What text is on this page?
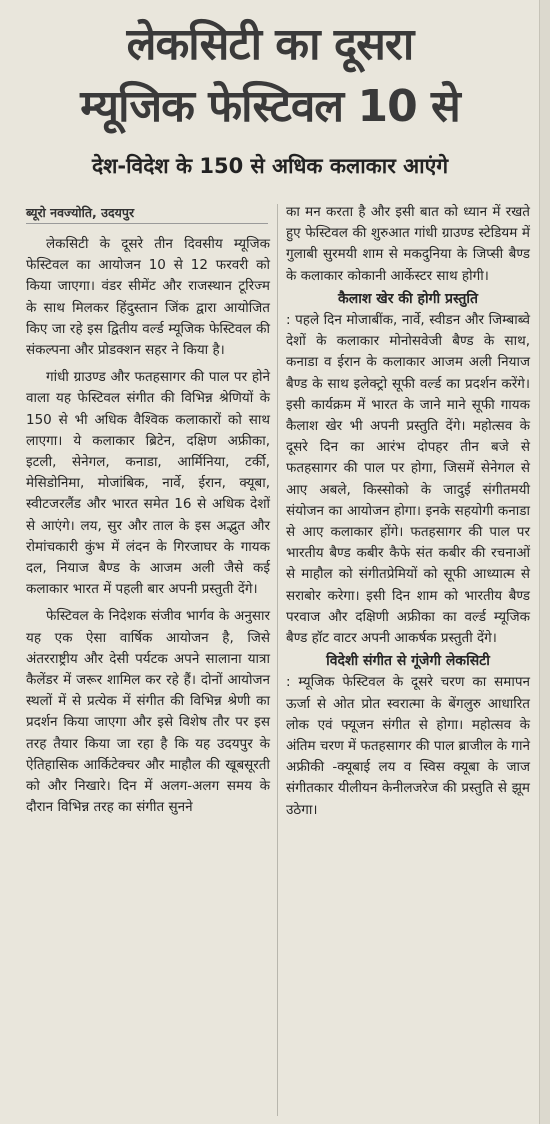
लेकसिटी का दूसरा
म्यूजिक फेस्टिवल 10 से
देश-विदेश के 150 से अधिक कलाकार आएंगे
ब्यूरो नवज्योति, उदयपुर

लेकसिटी के दूसरे तीन दिवसीय म्यूजिक फेस्टिवल का आयोजन 10 से 12 फरवरी को किया जाएगा। वंडर सीमेंट और राजस्थान टूरिज्म के साथ मिलकर हिंदुस्तान जिंक द्वारा आयोजित किए जा रहे इस द्वितीय वर्ल्ड म्यूजिक फेस्टिवल की संकल्पना और प्रोडक्शन सहर ने किया है।

गांधी ग्राउण्ड और फतहसागर की पाल पर होने वाला यह फेस्टिवल संगीत की विभिन्न श्रेणियों के 150 से भी अधिक वैश्विक कलाकारों को साथ लाएगा। ये कलाकार ब्रिटेन, दक्षिण अफ्रीका, इटली, सेनेगल, कनाडा, आर्मिनिया, टर्की, मेसिडोनिमा, मोजांबिक, नार्वे, ईरान, क्यूबा, स्वीटजरलैंड और भारत समेत 16 से अधिक देशों से आएंगे। लय, सुर और ताल के इस अद्भुत और रोमांचकारी कुंभ में लंदन के गिरजाघर के गायक दल, नियाज बैण्ड के आजम अली जैसे कई कलाकार भारत में पहली बार अपनी प्रस्तुती देंगे।

फेस्टिवल के निदेशक संजीव भार्गव के अनुसार यह एक ऐसा वार्षिक आयोजन है, जिसे अंतरराष्ट्रीय और देसी पर्यटक अपने सालाना यात्रा कैलेंडर में जरूर शामिल कर रहे हैं। दोनों आयोजन स्थलों में से प्रत्येक में संगीत की विभिन्न श्रेणी का प्रदर्शन किया जाएगा और इसे विशेष तौर पर इस तरह तैयार किया जा रहा है कि यह उदयपुर के ऐतिहासिक आर्किटेक्चर और माहौल की खूबसूरती को और निखारे। दिन में अलग-अलग समय के दौरान विभिन्न तरह का संगीत सुनने

का मन करता है और इसी बात को ध्यान में रखते हुए फेस्टिवल की शुरुआत गांधी ग्राउण्ड स्टेडियम में गुलाबी सुरमयी शाम से मकदुनिया के जिप्सी बैण्ड के कलाकार कोकानी आर्केस्टर साथ होगी।

कैलाश खेर की होगी प्रस्तुति

: पहले दिन मोजाबींक, नार्वे, स्वीडन और जिम्बाब्वे देशों के कलाकार मोनोसवेजी बैण्ड के साथ, कनाडा व ईरान के कलाकार आजम अली नियाज बैण्ड के साथ इलेक्ट्रो सूफी वर्ल्ड का प्रदर्शन करेंगे। इसी कार्यक्रम में भारत के जाने माने सूफी गायक कैलाश खेर भी अपनी प्रस्तुति देंगे। महोत्सव के दूसरे दिन का आरंभ दोपहर तीन बजे से फतहसागर की पाल पर होगा, जिसमें सेनेगल से आए अबले, किस्सोको के जादुई संगीतमयी संयोजन का आयोजन होगा। इनके सहयोगी कनाडा से आए कलाकार होंगे। फतहसागर की पाल पर भारतीय बैण्ड कबीर कैफे संत कबीर की रचनाओं से माहौल को संगीतप्रेमियों को सूफी आध्यात्म से सराबोर करेगा। इसी दिन शाम को भारतीय बैण्ड परवाज और दक्षिणी अफ्रीका का वर्ल्ड म्यूजिक बैण्ड हॉट वाटर अपनी आकर्षक प्रस्तुती देंगे।

विदेशी संगीत से गूंजेगी लेकसिटी

: म्यूजिक फेस्टिवल के दूसरे चरण का समापन ऊर्जा से ओत प्रोत स्वरात्मा के बेंगलुरु आधारित लोक एवं फ्यूजन संगीत से होगा। महोत्सव के अंतिम चरण में फतहसागर की पाल ब्राजील के गाने अफ्रीकी -क्यूबाई लय व स्विस क्यूबा के जाज संगीतकार यीलीयन केनीलजरेज की प्रस्तुति से झूम उठेगा।
